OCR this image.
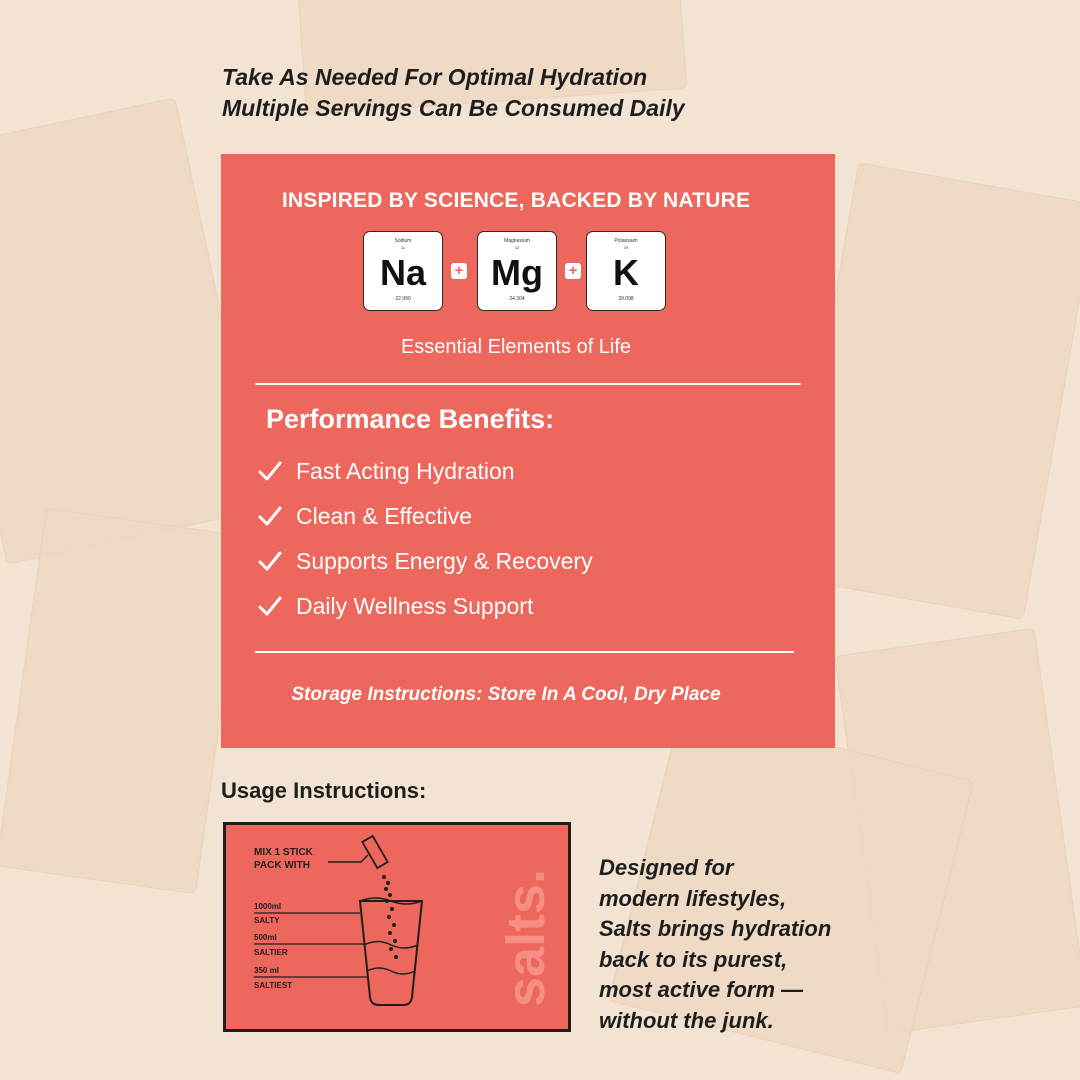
Take As Needed For Optimal Hydration
Multiple Servings Can Be Consumed Daily
INSPIRED BY SCIENCE, BACKED BY NATURE
Sodium
11
Na
22.990
+
Magnesium
12
Mg
24.304
+
Potassium
19
K
39.098

Essential Elements of Life

Performance Benefits:
Fast Acting Hydration
Clean & Effective
Supports Energy & Recovery
Daily Wellness Support

Storage Instructions: Store In A Cool, Dry Place

Usage Instructions:
salts.
MIX 1 STICK
PACK WITH
1000ml
SALTY
500ml
SALTIER
350 ml
SALTIEST
Designed for
modern lifestyles,
Salts brings hydration
back to its purest,
most active form —
without the junk.
